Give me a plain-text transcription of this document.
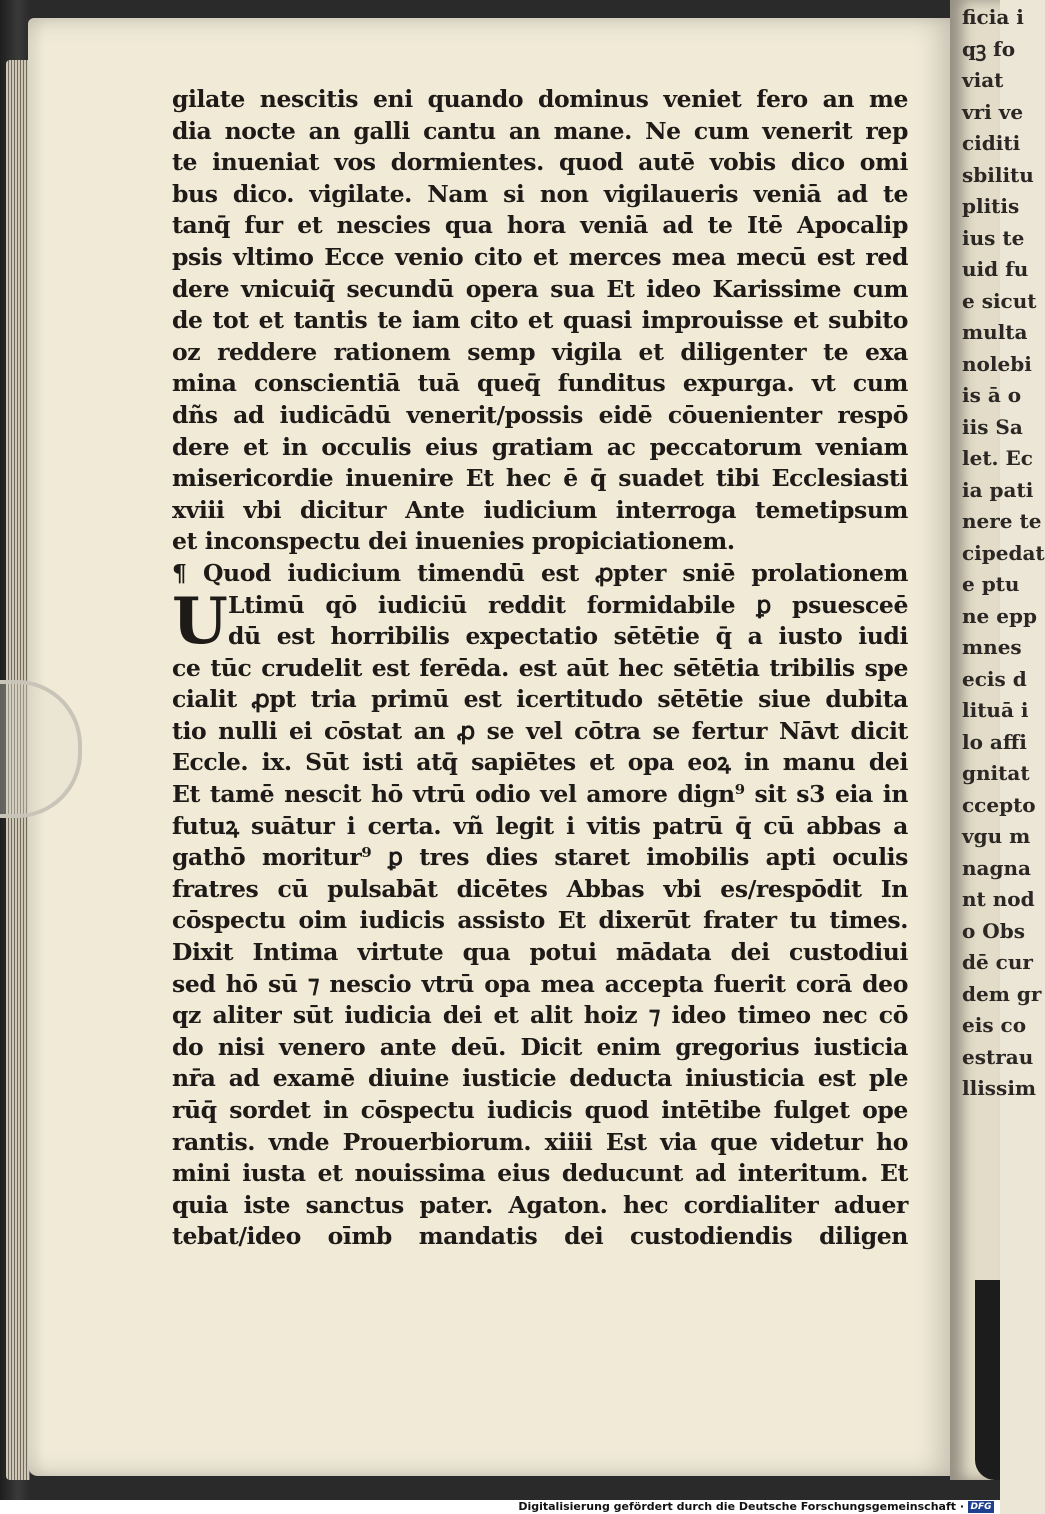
ficia i
qꝫ fo
viat
vri ve
ciditi
sbilitu
plitis
ius te
uid fu
e sicut
multa
nolebi
is ā o
iis Sa
let. Ec
ia pati
nere te
cipedat
e ptu
ne epp
mnes
ecis d
lituā i
lo affi
gnitat
ccepto
vgu m
nagna
nt nod
o Obs
dē cur
dem gr
eis co
estrau
llissim
gilate nescitis eni quando dominus veniet fero an me
dia nocte an galli cantu an mane. Ne cum venerit rep
te inueniat vos dormientes. quod autē vobis dico omi
bus dico. vigilate. Nam si non vigilaueris veniā ad te
tanq̄ fur et nescies qua hora veniā ad te Itē Apocalip
psis vltimo Ecce venio cito et merces mea mecū est red
dere vnicuiq̄ secundū opera sua Et ideo Karissime cum
de tot et tantis te iam cito et quasi improuisse et subito
oz reddere rationem semp vigila et diligenter te exa
mina conscientiā tuā queq̄ funditus expurga. vt cum
dñs ad iudicādū venerit/possis eidē cōuenienter respō
dere et in occulis eius gratiam ac peccatorum veniam
misericordie inuenire Et hec ē q̄ suadet tibi Ecclesiasti
xviii vbi dicitur Ante iudicium interroga temetipsum
et inconspectu dei inuenies propiciationem.
¶ Quod iudicium timendū est ꝓpter sniē prolationem
Ltimū qō iudiciū reddit formidabile ꝑ psuesceē
dū est horribilis expectatio sētētie q̄ a iusto iudi
ce tūc crudelit est ferēda. est aūt hec sētētia tribilis spe
cialit ꝓpt tria primū est icertitudo sētētie siue dubita
tio nulli ei cōstat an ꝓ se vel cōtra se fertur Nāvt dicit
Eccle. ix. Sūt isti atq̄ sapiētes et opa eoꝝ in manu dei
Et tamē nescit hō vtrū odio vel amore dign⁹ sit s3 eia in
futuꝝ suātur i certa. vñ legit i vitis patrū q̄ cū abbas a
gathō moritur⁹ ꝑ tres dies staret imobilis apti oculis
fratres cū pulsabāt dicētes Abbas vbi es/respōdit In
cōspectu oim iudicis assisto Et dixerūt frater tu times.
Dixit Intima virtute qua potui mādata dei custodiui
sed hō sū ⁊ nescio vtrū opa mea accepta fuerit corā deo
qz aliter sūt iudicia dei et alit hoiz ⁊ ideo timeo nec cō
do nisi venero ante deū. Dicit enim gregorius iusticia
nr̄a ad examē diuine iusticie deducta iniusticia est ple
rūq̄ sordet in cōspectu iudicis quod intētibe fulget ope
rantis. vnde Prouerbiorum. xiiii Est via que videtur ho
mini iusta et nouissima eius deducunt ad interitum. Et
quia iste sanctus pater. Agaton. hec cordialiter aduer
tebat/ideo oīmb mandatis dei custodiendis diligen
U
Digitalisierung gefördert durch die Deutsche Forschungsgemeinschaft · DFG
